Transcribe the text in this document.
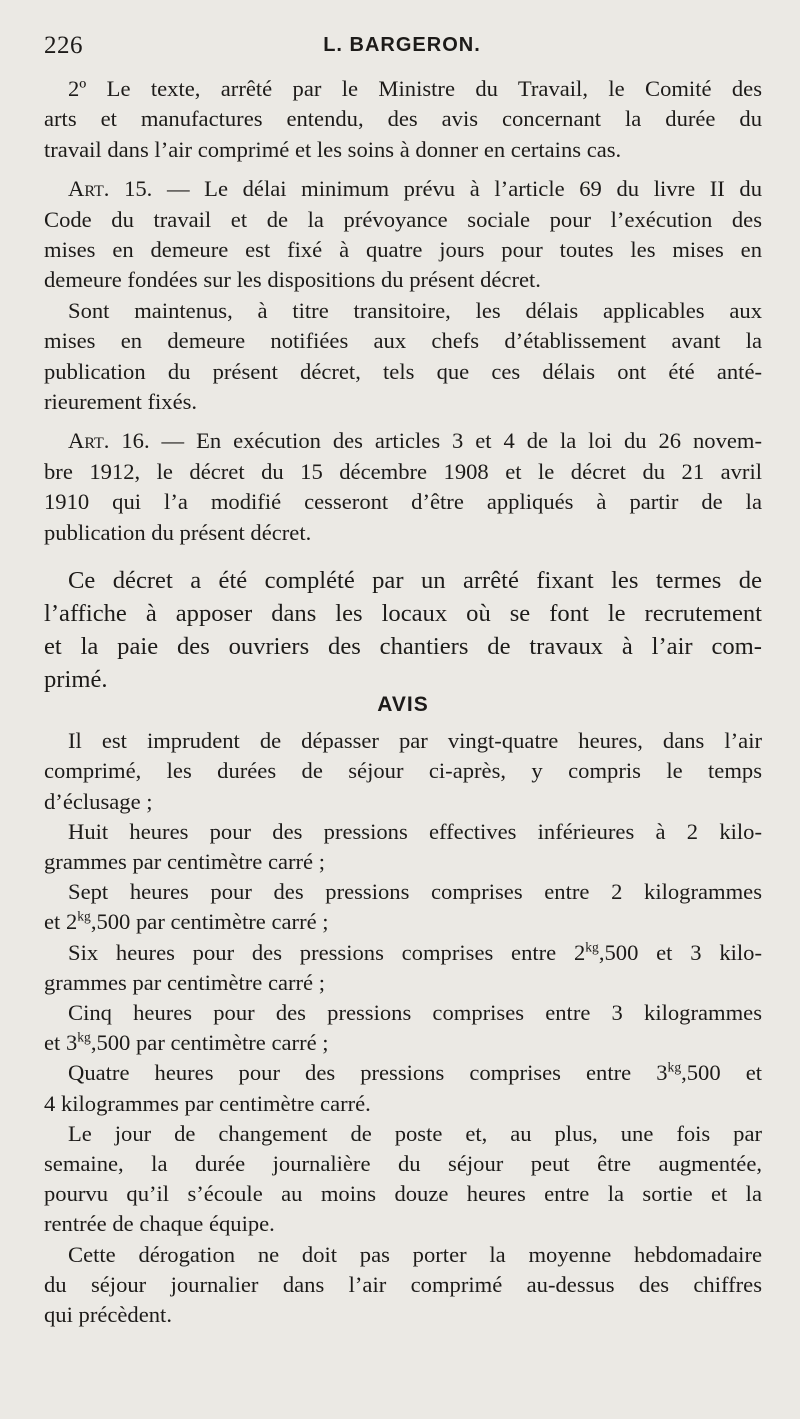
226	L. BARGERON.
2º Le texte, arrêté par le Ministre du Travail, le Comité des
arts et manufactures entendu, des avis concernant la durée du
travail dans l’air comprimé et les soins à donner en certains cas.
Art. 15. — Le délai minimum prévu à l’article 69 du livre II du
Code du travail et de la prévoyance sociale pour l’exécution des
mises en demeure est fixé à quatre jours pour toutes les mises en
demeure fondées sur les dispositions du présent décret.
Sont maintenus, à titre transitoire, les délais applicables aux
mises en demeure notifiées aux chefs d’établissement avant la
publication du présent décret, tels que ces délais ont été anté-
rieurement fixés.
Art. 16. — En exécution des articles 3 et 4 de la loi du 26 novem-
bre 1912, le décret du 15 décembre 1908 et le décret du 21 avril
1910 qui l’a modifié cesseront d’être appliqués à partir de la
publication du présent décret.
Ce décret a été complété par un arrêté fixant les termes de
l’affiche à apposer dans les locaux où se font le recrutement
et la paie des ouvriers des chantiers de travaux à l’air com-
primé.
AVIS
Il est imprudent de dépasser par vingt-quatre heures, dans l’air
comprimé, les durées de séjour ci-après, y compris le temps
d’éclusage ;
Huit heures pour des pressions effectives inférieures à 2 kilo-
grammes par centimètre carré ;
Sept heures pour des pressions comprises entre 2 kilogrammes
et $2^{kg},500$ par centimètre carré ;
Six heures pour des pressions comprises entre $2^{kg},500$ et 3 kilo-
grammes par centimètre carré ;
Cinq heures pour des pressions comprises entre 3 kilogrammes
et $3^{kg},500$ par centimètre carré ;
Quatre heures pour des pressions comprises entre $3^{kg},500$ et
4 kilogrammes par centimètre carré.
Le jour de changement de poste et, au plus, une fois par
semaine, la durée journalière du séjour peut être augmentée,
pourvu qu’il s’écoule au moins douze heures entre la sortie et la
rentrée de chaque équipe.
Cette dérogation ne doit pas porter la moyenne hebdomadaire
du séjour journalier dans l’air comprimé au-dessus des chiffres
qui précèdent.
